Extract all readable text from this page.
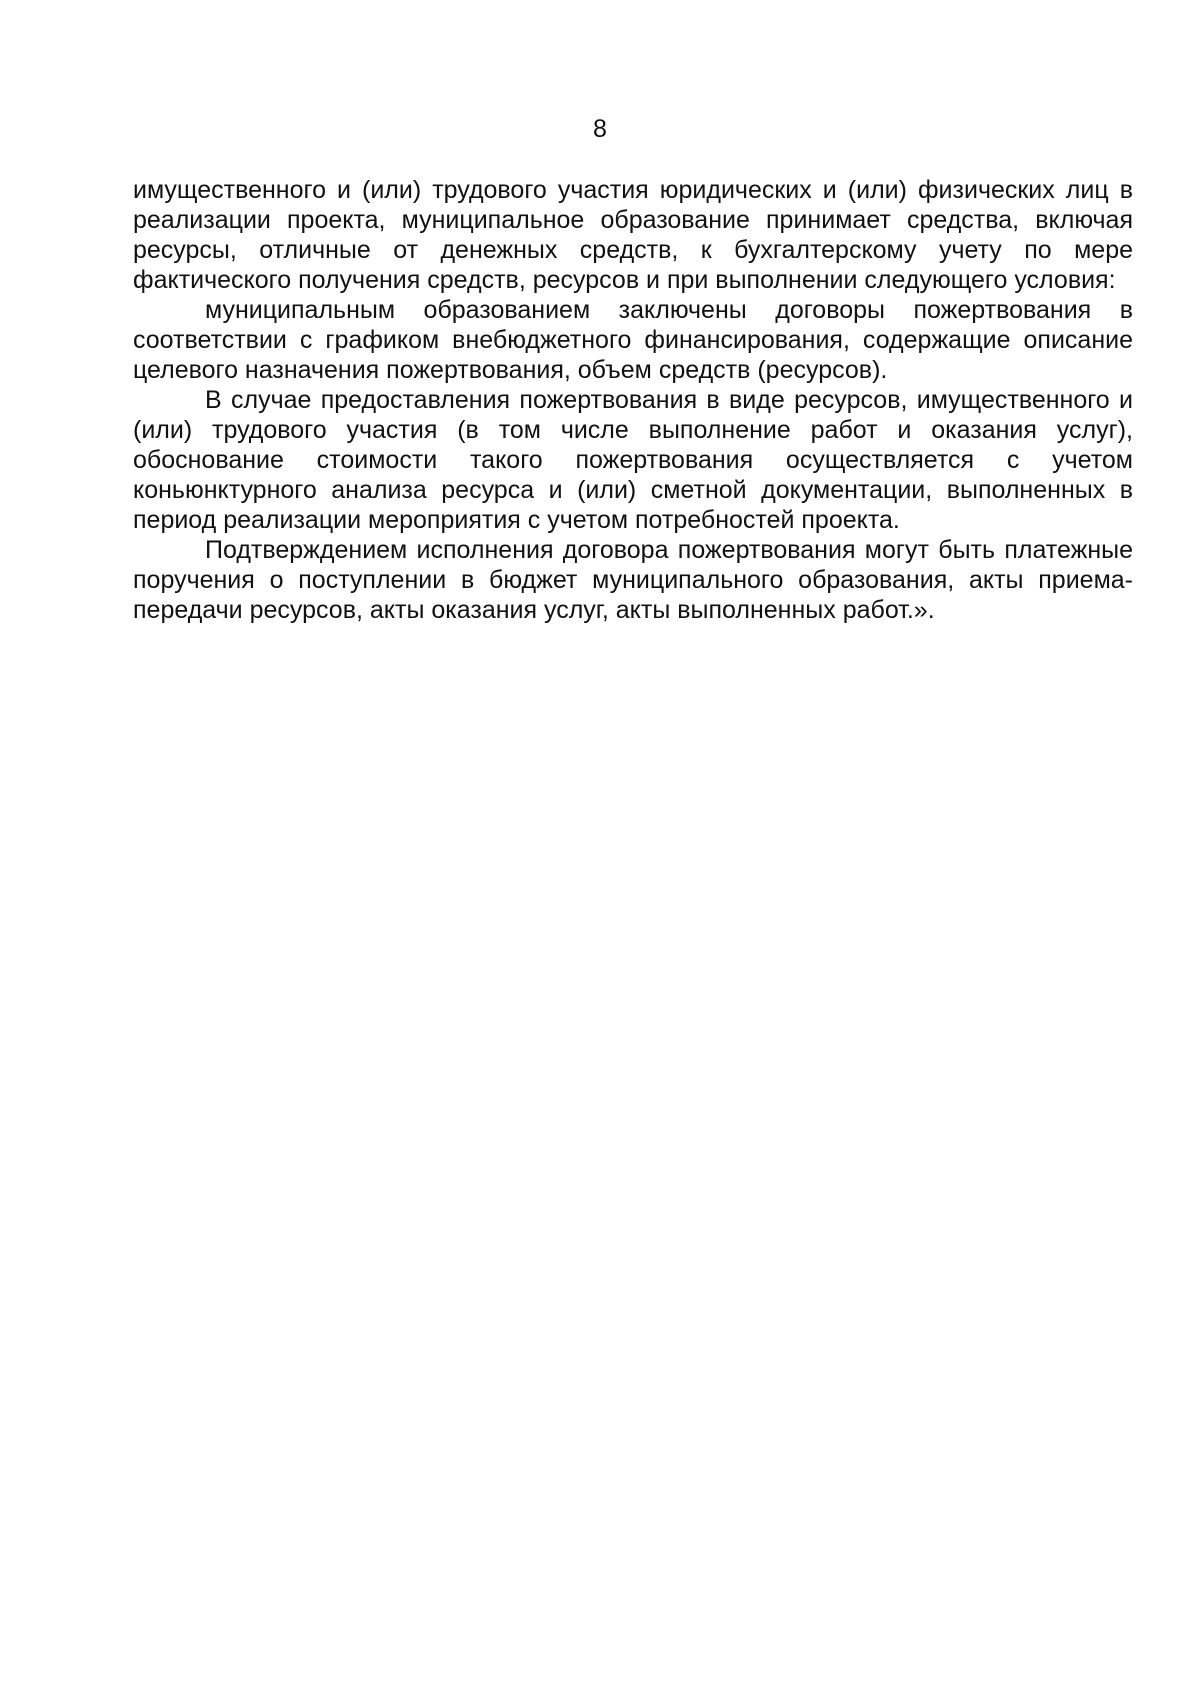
8

имущественного и (или) трудового участия юридических и (или) физических лиц в реализации проекта, муниципальное образование принимает средства, включая ресурсы, отличные от денежных средств, к бухгалтерскому учету по мере фактического получения средств, ресурсов и при выполнении следующего условия:

муниципальным образованием заключены договоры пожертвования в соответствии с графиком внебюджетного финансирования, содержащие описание целевого назначения пожертвования, объем средств (ресурсов).

В случае предоставления пожертвования в виде ресурсов, имущественного и (или) трудового участия (в том числе выполнение работ и оказания услуг), обоснование стоимости такого пожертвования осуществляется с учетом коньюнктурного анализа ресурса и (или) сметной документации, выполненных в период реализации мероприятия с учетом потребностей проекта.

Подтверждением исполнения договора пожертвования могут быть платежные поручения о поступлении в бюджет муниципального образования, акты приема-передачи ресурсов, акты оказания услуг, акты выполненных работ.».
